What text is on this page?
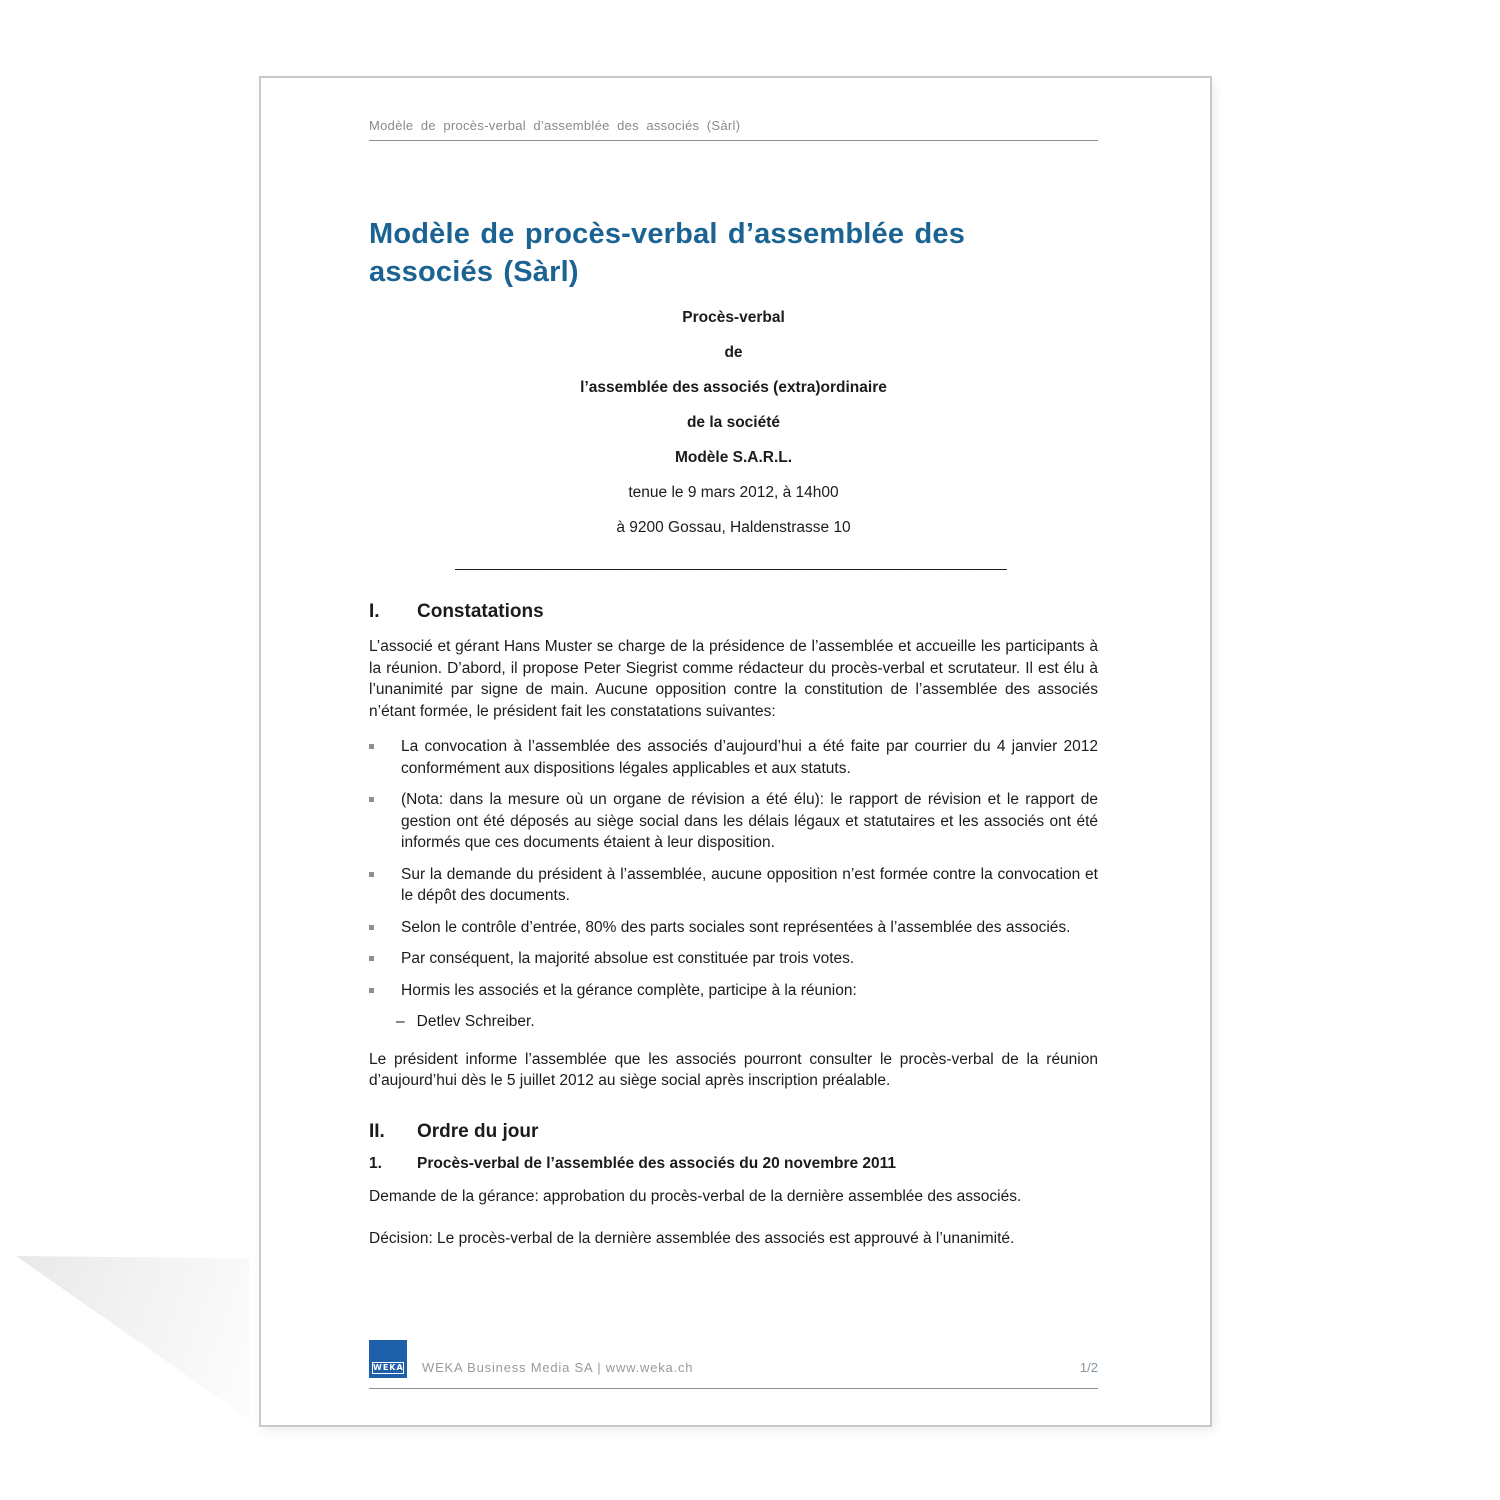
Modèle de procès-verbal d’assemblée des associés (Sàrl)
Modèle de procès-verbal d’assemblée des
associés (Sàrl)

Procès-verbal

de

l’assemblée des associés (extra)ordinaire

de la société

Modèle S.A.R.L.

tenue le 9 mars 2012, à 14h00

à 9200 Gossau, Haldenstrasse 10

________________________________________________________________
I.	Constatations

L’associé et gérant Hans Muster se charge de la présidence de l’assemblée et accueille les participants à la réunion. D’abord, il propose Peter Siegrist comme rédacteur du procès-verbal et scrutateur. Il est élu à l’unanimité par signe de main. Aucune opposition contre la constitution de l’assemblée des associés n’étant formée, le président fait les constatations suivantes:

La convocation à l’assemblée des associés d’aujourd’hui a été faite par courrier du 4 janvier 2012 conformément aux dispositions légales applicables et aux statuts.
(Nota: dans la mesure où un organe de révision a été élu): le rapport de révision et le rapport de gestion ont été déposés au siège social dans les délais légaux et statutaires et les associés ont été informés que ces documents étaient à leur disposition.
Sur la demande du président à l’assemblée, aucune opposition n’est formée contre la convocation et le dépôt des documents.
Selon le contrôle d’entrée, 80% des parts sociales sont représentées à l’assemblée des associés.
Par conséquent, la majorité absolue est constituée par trois votes.
Hormis les associés et la gérance complète, participe à la réunion:
– Detlev Schreiber.

Le président informe l’assemblée que les associés pourront consulter le procès-verbal de la réunion d’aujourd’hui dès le 5 juillet 2012 au siège social après inscription préalable.

II.	Ordre du jour
1.	Procès-verbal de l’assemblée des associés du 20 novembre 2011

Demande de la gérance: approbation du procès-verbal de la dernière assemblée des associés.

Décision: Le procès-verbal de la dernière assemblée des associés est approuvé à l’unanimité.

WEKA WEKA Business Media SA | www.weka.ch	1/2
